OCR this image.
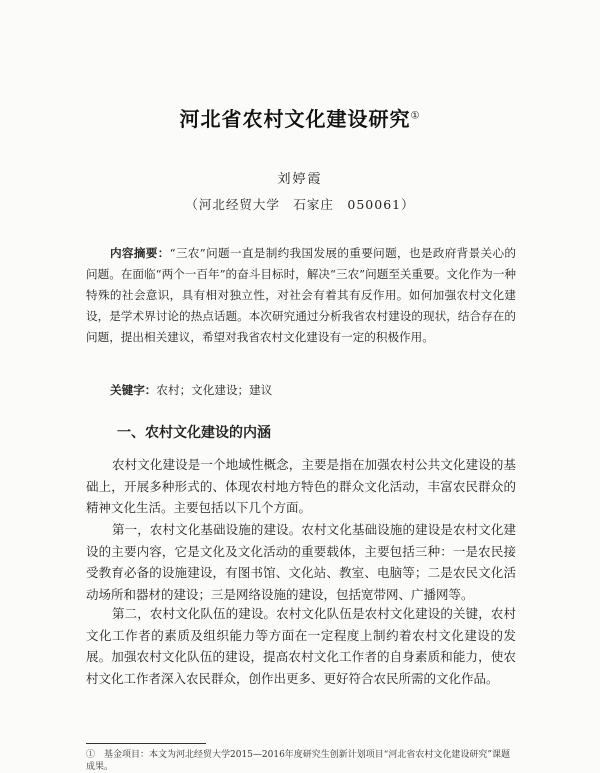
河北省农村文化建设研究①
刘婷霞
（河北经贸大学　石家庄　050061）

内容摘要：“三农”问题一直是制约我国发展的重要问题，也是政府背景关心的问题。在面临“两个一百年”的奋斗目标时，解决“三农”问题至关重要。文化作为一种特殊的社会意识，具有相对独立性，对社会有着其有反作用。如何加强农村文化建设，是学术界讨论的热点话题。本次研究通过分析我省农村建设的现状，结合存在的问题，提出相关建议，希望对我省农村文化建设有一定的积极作用。

关键字：农村；文化建设；建议

一、农村文化建设的内涵

农村文化建设是一个地域性概念，主要是指在加强农村公共文化建设的基础上，开展多种形式的、体现农村地方特色的群众文化活动，丰富农民群众的精神文化生活。主要包括以下几个方面。

第一，农村文化基础设施的建设。农村文化基础设施的建设是农村文化建设的主要内容，它是文化及文化活动的重要载体，主要包括三种：一是农民接受教育必备的设施建设，有图书馆、文化站、教室、电脑等；二是农民文化活动场所和器材的建设；三是网络设施的建设，包括宽带网、广播网等。

第二，农村文化队伍的建设。农村文化队伍是农村文化建设的关键，农村文化工作者的素质及组织能力等方面在一定程度上制约着农村文化建设的发展。加强农村文化队伍的建设，提高农村文化工作者的自身素质和能力，使农村文化工作者深入农民群众，创作出更多、更好符合农民所需的文化作品。

①　基金项目：本文为河北经贸大学2015—2016年度研究生创新计划项目“河北省农村文化建设研究”课题成果。
